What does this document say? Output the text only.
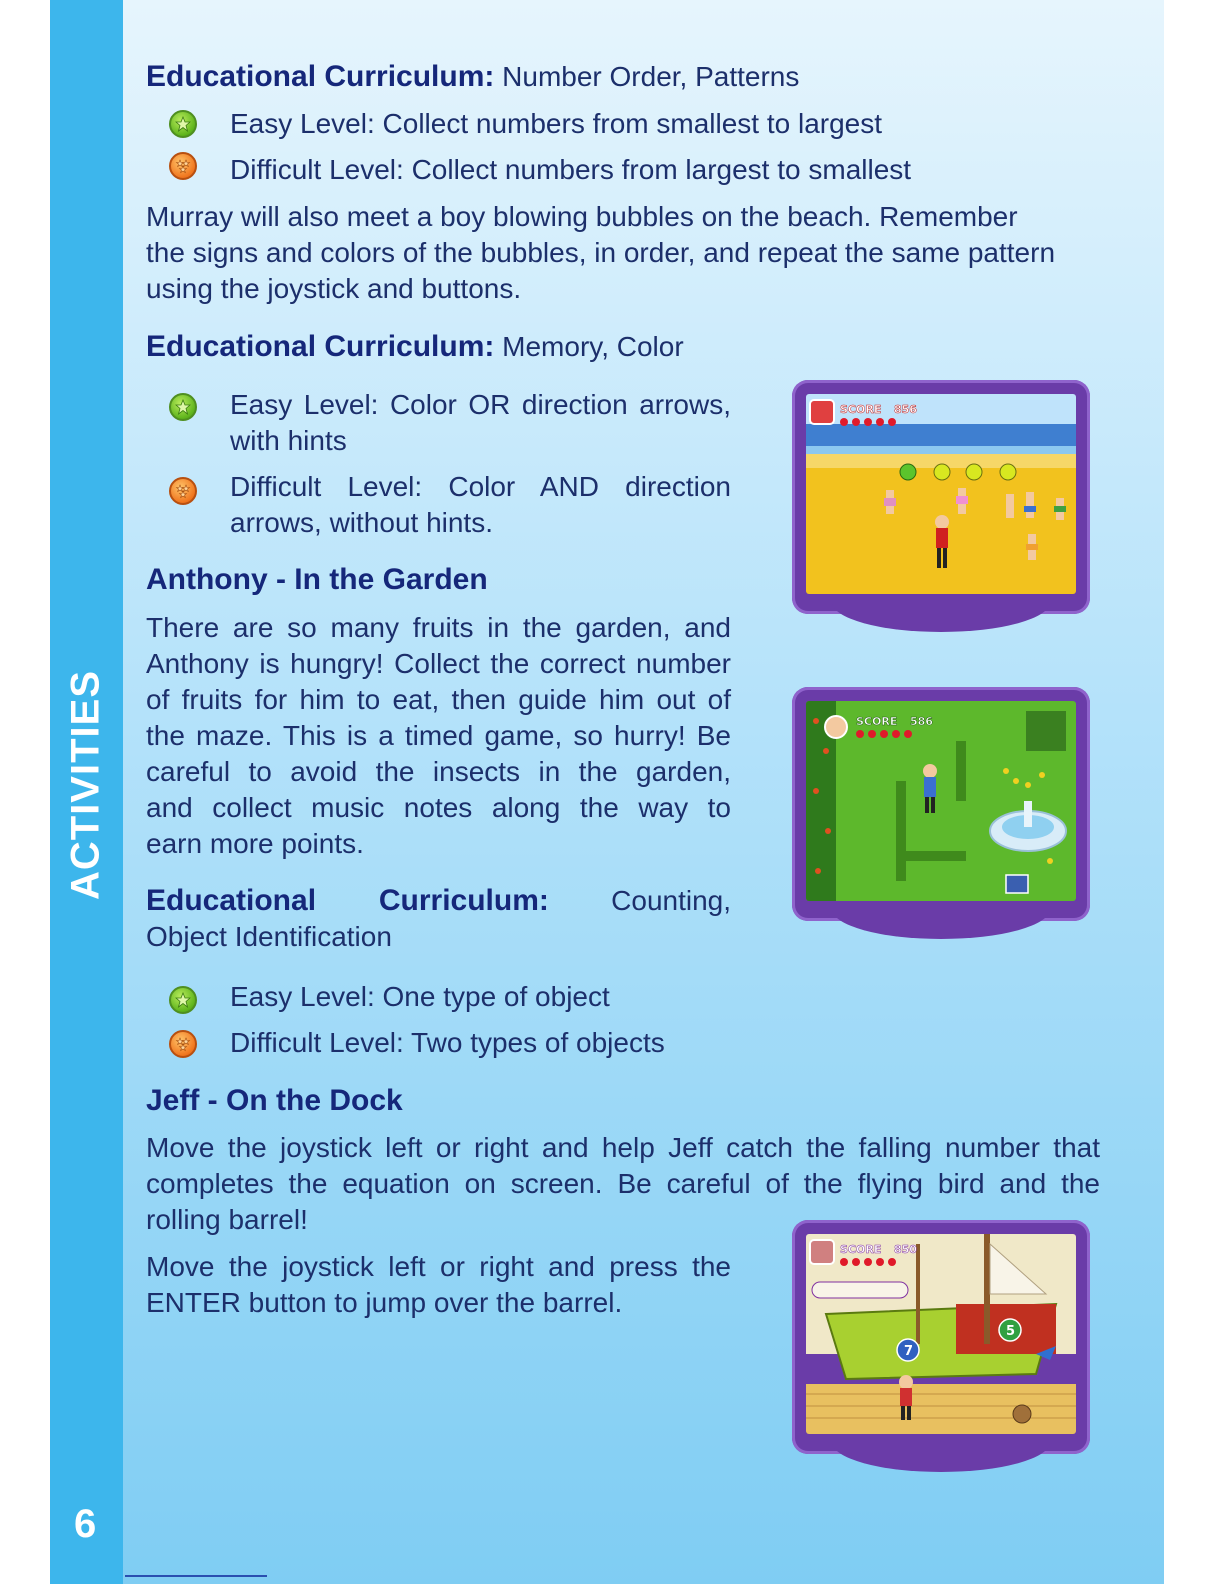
ACTIVITIES
6
Educational Curriculum: Number Order, Patterns
Easy Level: Collect numbers from smallest to largest
Difficult Level: Collect numbers from largest to smallest
Murray will also meet a boy blowing bubbles on the beach. Remember
the signs and colors of the bubbles, in order, and repeat the same pattern
using the joystick and buttons.
Educational Curriculum: Memory, Color
Easy Level: Color OR direction arrows,
with hints
Difficult Level: Color AND direction
arrows, without hints.
Anthony - In the Garden
There are so many fruits in the garden, and
Anthony is hungry! Collect the correct number
of fruits for him to eat, then guide him out of
the maze. This is a timed game, so hurry! Be
careful to avoid the insects in the garden,
and collect music notes along the way to
earn more points.
Educational Curriculum: Counting,
Object Identification
Easy Level: One type of object
Difficult Level: Two types of objects
Jeff - On the Dock
Move the joystick left or right and help Jeff catch the falling number that
completes the equation on screen. Be careful of the flying bird and the
rolling barrel!
Move the joystick left or right and press the
ENTER button to jump over the barrel.
SCORE 856
SCORE 586
SCORE 850
7
5
